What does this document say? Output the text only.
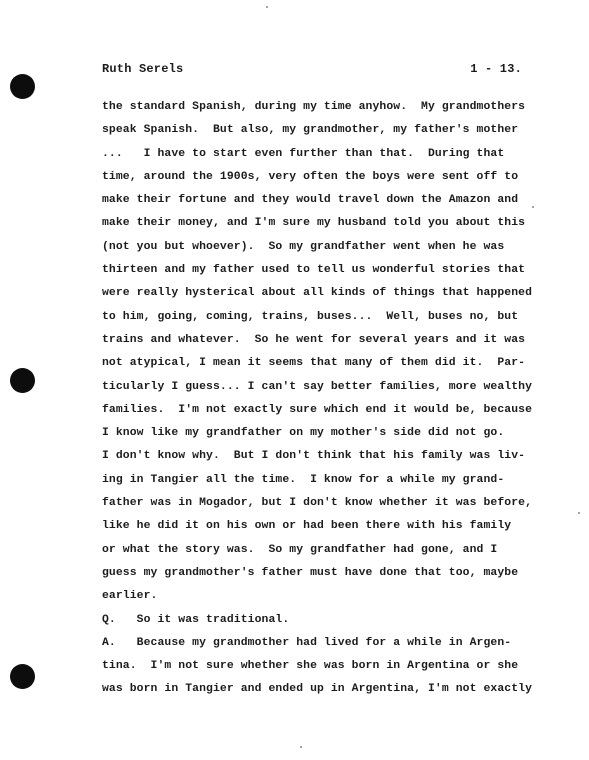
Ruth Serels	1 - 13.
the standard Spanish, during my time anyhow.  My grandmothers
speak Spanish.  But also, my grandmother, my father's mother
...   I have to start even further than that.  During that
time, around the 1900s, very often the boys were sent off to
make their fortune and they would travel down the Amazon and
make their money, and I'm sure my husband told you about this
(not you but whoever).  So my grandfather went when he was
thirteen and my father used to tell us wonderful stories that
were really hysterical about all kinds of things that happened
to him, going, coming, trains, buses...  Well, buses no, but
trains and whatever.  So he went for several years and it was
not atypical, I mean it seems that many of them did it.  Par-
ticularly I guess... I can't say better families, more wealthy
families.  I'm not exactly sure which end it would be, because
I know like my grandfather on my mother's side did not go.
I don't know why.  But I don't think that his family was liv-
ing in Tangier all the time.  I know for a while my grand-
father was in Mogador, but I don't know whether it was before,
like he did it on his own or had been there with his family
or what the story was.  So my grandfather had gone, and I
guess my grandmother's father must have done that too, maybe
earlier.
Q.   So it was traditional.
A.   Because my grandmother had lived for a while in Argen-
tina.  I'm not sure whether she was born in Argentina or she
was born in Tangier and ended up in Argentina, I'm not exactly
